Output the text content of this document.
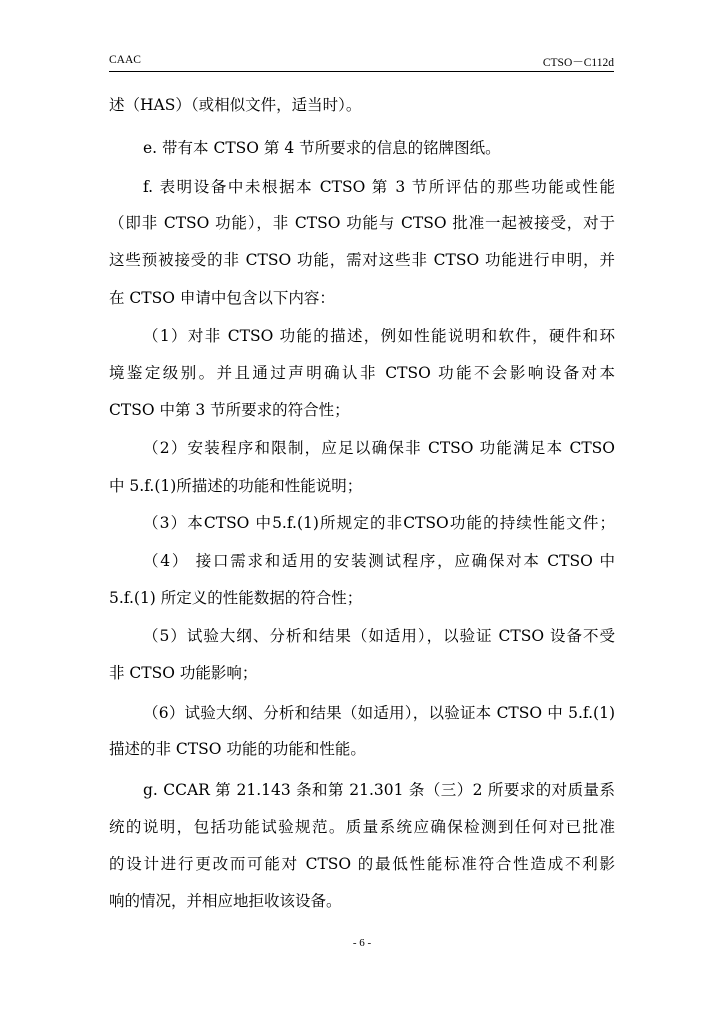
CAAC	CTSO－C112d
述（HAS）（或相似文件，适当时）。
e. 带有本 CTSO 第 4 节所要求的信息的铭牌图纸。
f. 表明设备中未根据本 CTSO 第 3 节所评估的那些功能或性能
（即非 CTSO 功能），非 CTSO 功能与 CTSO 批准一起被接受，对于
这些预被接受的非 CTSO 功能，需对这些非 CTSO 功能进行申明，并
在 CTSO 申请中包含以下内容：
（1）对非 CTSO 功能的描述，例如性能说明和软件，硬件和环
境鉴定级别。并且通过声明确认非 CTSO 功能不会影响设备对本
CTSO 中第 3 节所要求的符合性；
（2）安装程序和限制，应足以确保非 CTSO 功能满足本 CTSO
中 5.f.(1)所描述的功能和性能说明；
（3）本CTSO 中5.f.(1)所规定的非CTSO功能的持续性能文件；
（4） 接口需求和适用的安装测试程序，应确保对本 CTSO 中
5.f.(1) 所定义的性能数据的符合性；
（5）试验大纲、分析和结果（如适用），以验证 CTSO 设备不受
非 CTSO 功能影响；
（6）试验大纲、分析和结果（如适用），以验证本 CTSO 中 5.f.(1)
描述的非 CTSO 功能的功能和性能。
g. CCAR 第 21.143 条和第 21.301 条（三）2 所要求的对质量系
统的说明，包括功能试验规范。质量系统应确保检测到任何对已批准
的设计进行更改而可能对 CTSO 的最低性能标准符合性造成不利影
响的情况，并相应地拒收该设备。
- 6 -
